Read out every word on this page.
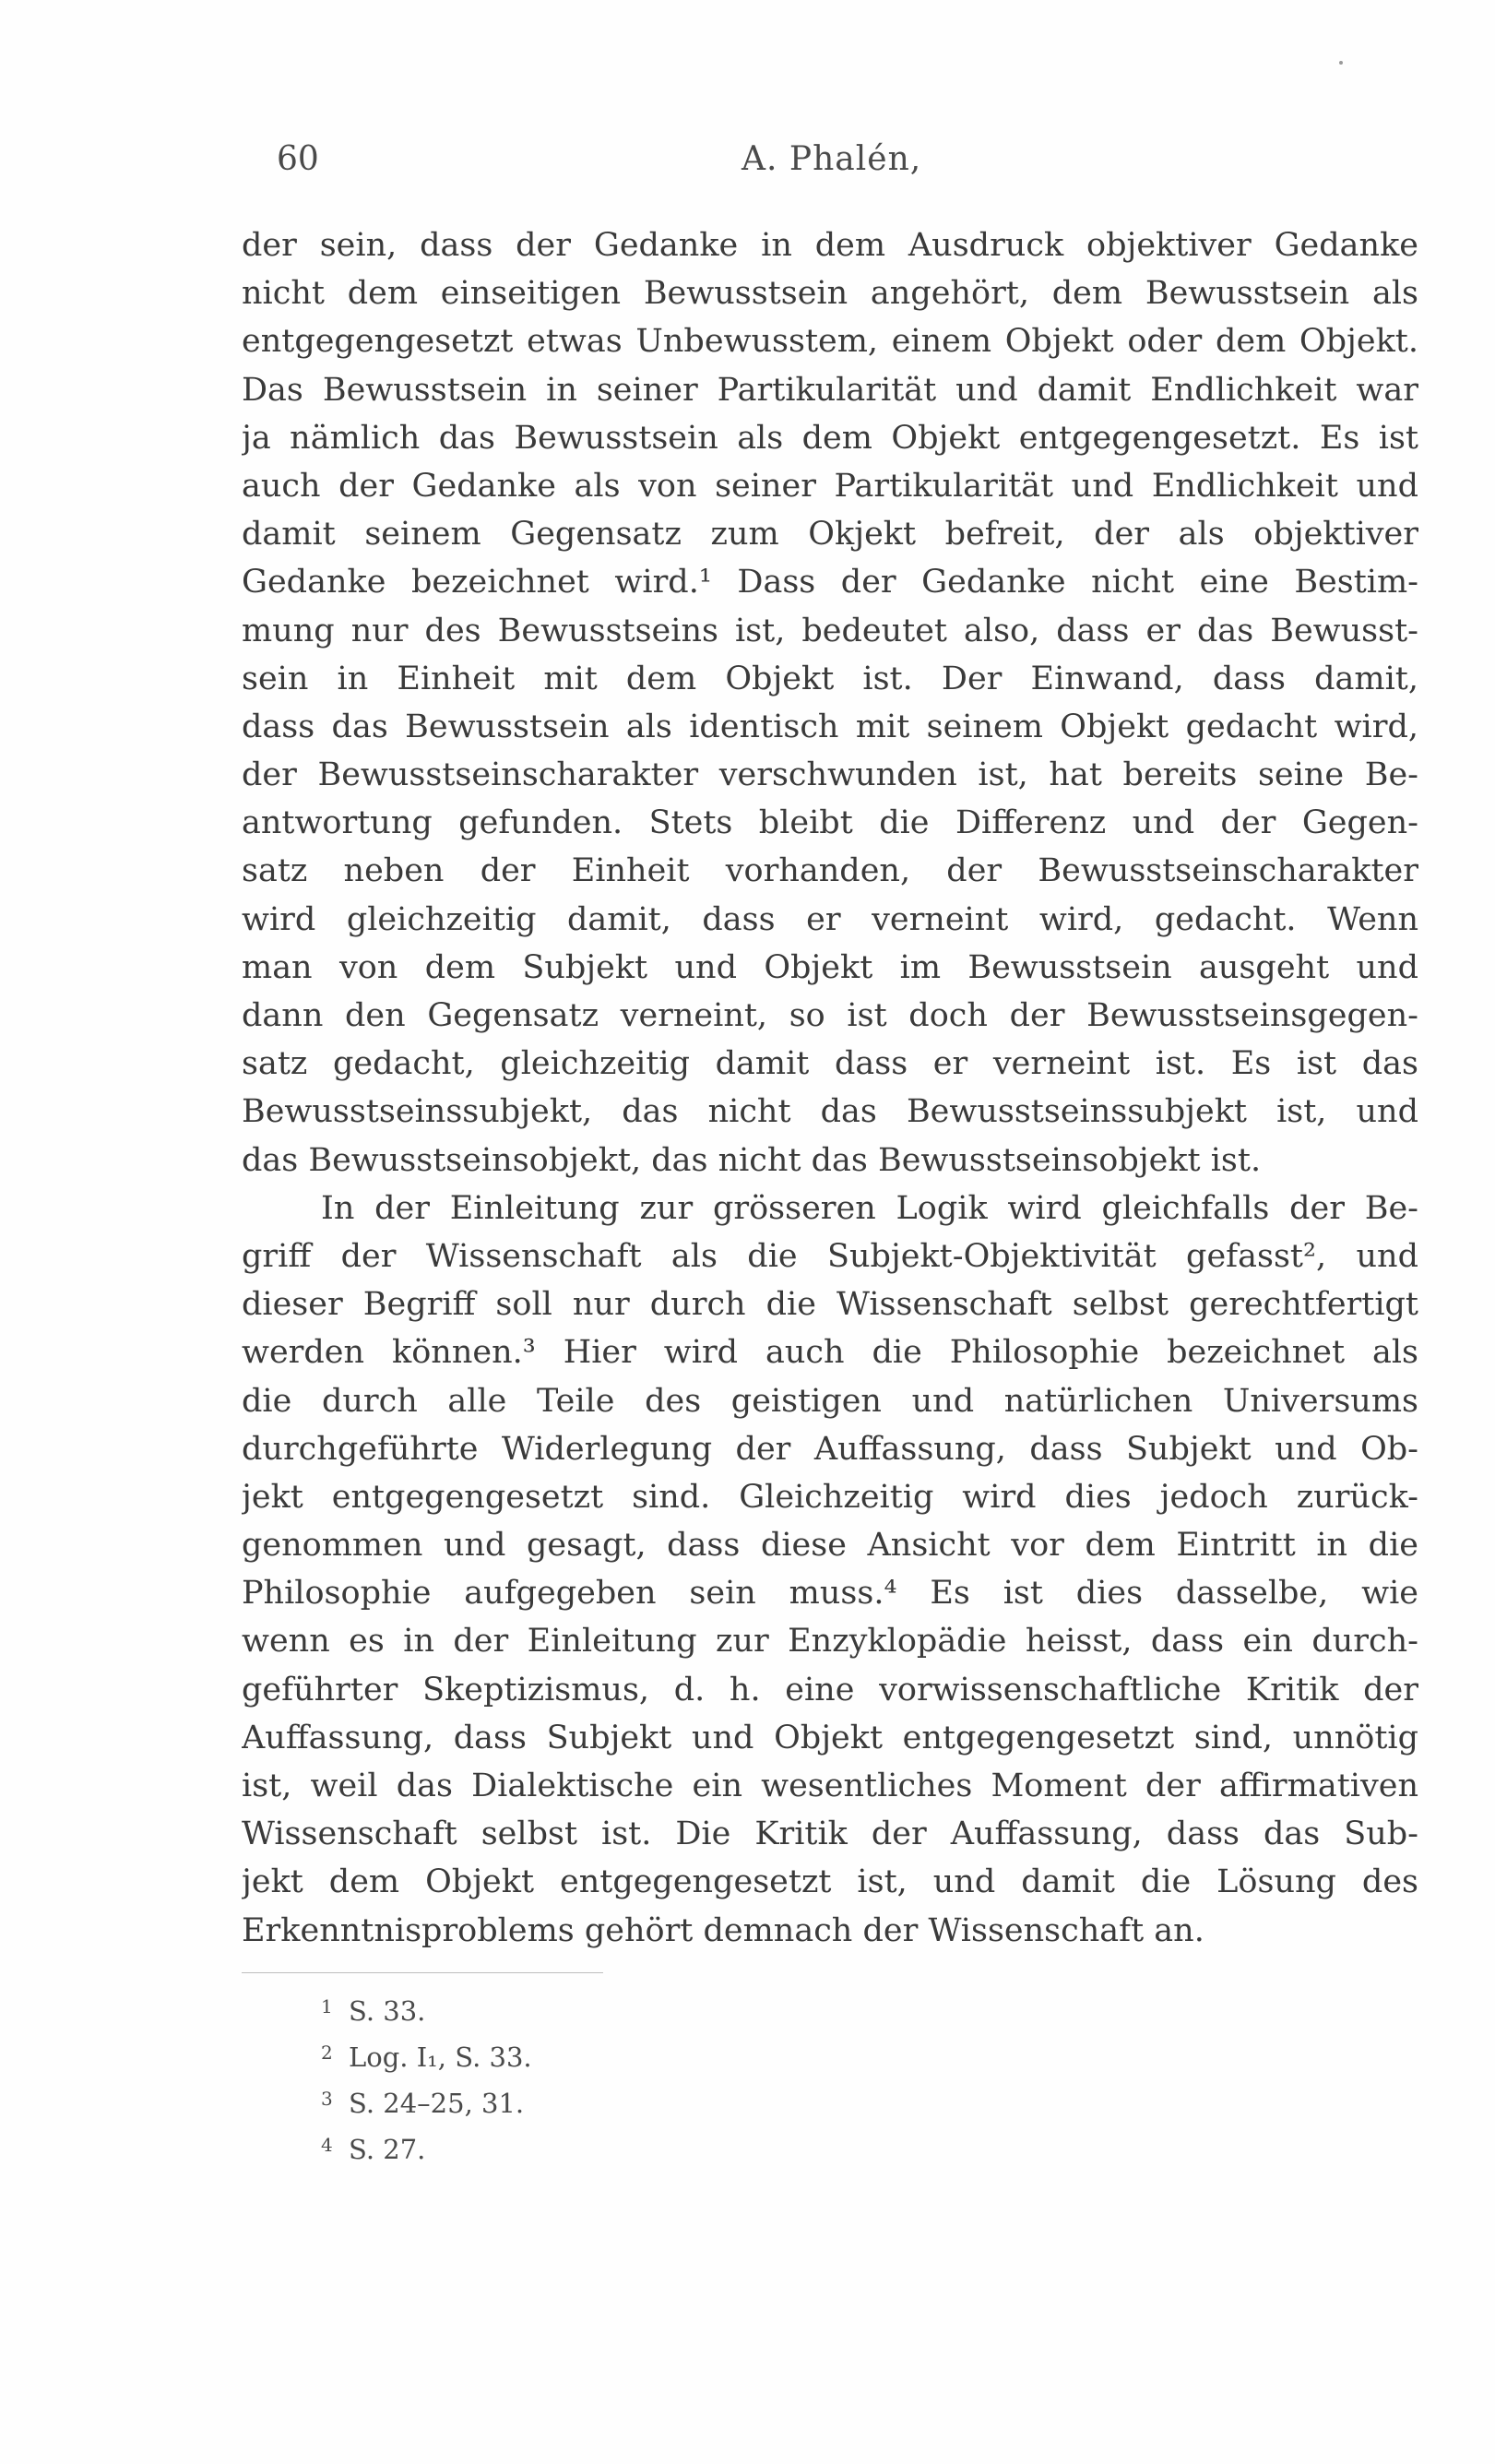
60	A. Phalén,
der sein, dass der Gedanke in dem Ausdruck objektiver Gedanke
nicht dem einseitigen Bewusstsein angehört, dem Bewusstsein als
entgegengesetzt etwas Unbewusstem, einem Objekt oder dem Objekt.
Das Bewusstsein in seiner Partikularität und damit Endlichkeit war
ja nämlich das Bewusstsein als dem Objekt entgegengesetzt. Es ist
auch der Gedanke als von seiner Partikularität und Endlichkeit und
damit seinem Gegensatz zum Okjekt befreit, der als objektiver
Gedanke bezeichnet wird.¹ Dass der Gedanke nicht eine Bestim-
mung nur des Bewusstseins ist, bedeutet also, dass er das Bewusst-
sein in Einheit mit dem Objekt ist. Der Einwand, dass damit,
dass das Bewusstsein als identisch mit seinem Objekt gedacht wird,
der Bewusstseinscharakter verschwunden ist, hat bereits seine Be-
antwortung gefunden. Stets bleibt die Differenz und der Gegen-
satz neben der Einheit vorhanden, der Bewusstseinscharakter
wird gleichzeitig damit, dass er verneint wird, gedacht. Wenn
man von dem Subjekt und Objekt im Bewusstsein ausgeht und
dann den Gegensatz verneint, so ist doch der Bewusstseinsgegen-
satz gedacht, gleichzeitig damit dass er verneint ist. Es ist das
Bewusstseinssubjekt, das nicht das Bewusstseinssubjekt ist, und
das Bewusstseinsobjekt, das nicht das Bewusstseinsobjekt ist.
In der Einleitung zur grösseren Logik wird gleichfalls der Be-
griff der Wissenschaft als die Subjekt-Objektivität gefasst², und
dieser Begriff soll nur durch die Wissenschaft selbst gerechtfertigt
werden können.³ Hier wird auch die Philosophie bezeichnet als
die durch alle Teile des geistigen und natürlichen Universums
durchgeführte Widerlegung der Auffassung, dass Subjekt und Ob-
jekt entgegengesetzt sind. Gleichzeitig wird dies jedoch zurück-
genommen und gesagt, dass diese Ansicht vor dem Eintritt in die
Philosophie aufgegeben sein muss.⁴ Es ist dies dasselbe, wie
wenn es in der Einleitung zur Enzyklopädie heisst, dass ein durch-
geführter Skeptizismus, d. h. eine vorwissenschaftliche Kritik der
Auffassung, dass Subjekt und Objekt entgegengesetzt sind, unnötig
ist, weil das Dialektische ein wesentliches Moment der affirmativen
Wissenschaft selbst ist. Die Kritik der Auffassung, dass das Sub-
jekt dem Objekt entgegengesetzt ist, und damit die Lösung des
Erkenntnisproblems gehört demnach der Wissenschaft an.
1 S. 33.
2 Log. I₁, S. 33.
3 S. 24–25, 31.
4 S. 27.
